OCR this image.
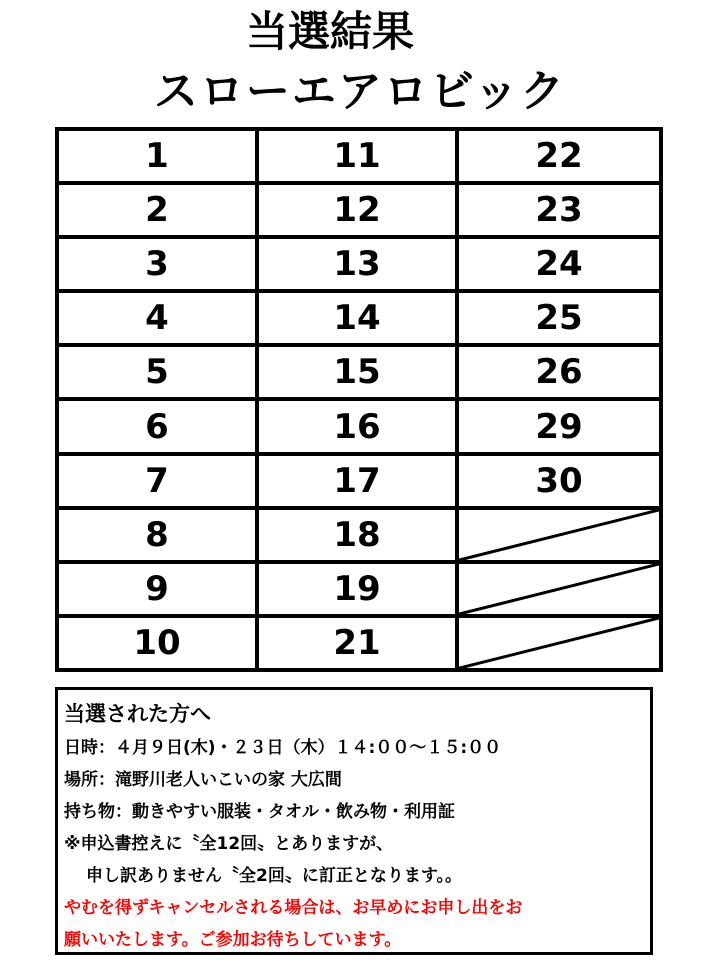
当選結果
スローエアロビック
1	11	22
2	12	23
3	13	24
4	14	25
5	15	26
6	16	29
7	17	30
8	18	

9	19	

10	21	
当選された方へ
日時：４月９日(木)・２３日（木）１４:００～１５:００
場所：滝野川老人いこいの家 大広間
持ち物：動きやすい服装・タオル・飲み物・利用証
※申込書控えに〝全12回〟とありますが、
申し訳ありません〝全2回〟に訂正となります。。
やむを得ずキャンセルされる場合は、お早めにお申し出をお
願いいたします。ご参加お待ちしています。
